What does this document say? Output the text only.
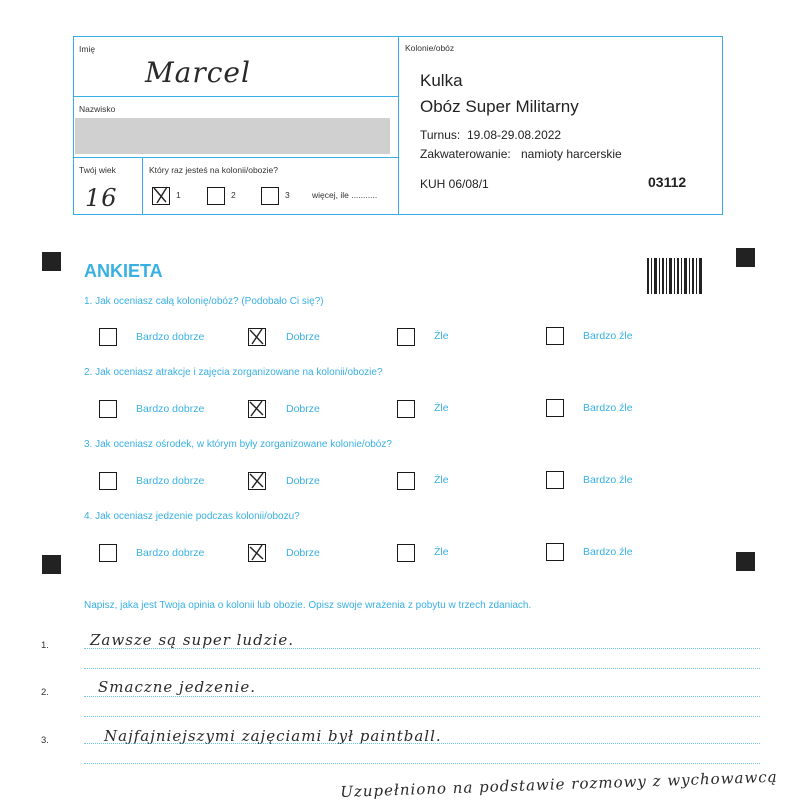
Imię
Marcel
Nazwisko
Twój wiek
16
Który raz jesteś na kolonii/obozie?
1	2	3	więcej, ile ...........
Kolonie/obóz
Kulka
Obóz Super Militarny
Turnus: 19.08-29.08.2022
Zakwaterowanie: namioty harcerskie
KUH 06/08/1	03112
ANKIETA
1. Jak oceniasz całą kolonię/obóz? (Podobało Ci się?)
Bardzo dobrze	Dobrze	Źle	Bardzo źle
2. Jak oceniasz atrakcje i zajęcia zorganizowane na kolonii/obozie?
Bardzo dobrze	Dobrze	Źle	Bardzo źle
3. Jak oceniasz ośrodek, w którym były zorganizowane kolonie/obóz?
Bardzo dobrze	Dobrze	Źle	Bardzo źle
4. Jak oceniasz jedzenie podczas kolonii/obozu?
Bardzo dobrze	Dobrze	Źle	Bardzo źle
Napisz, jaka jest Twoja opinia o kolonii lub obozie. Opisz swoje wrażenia z pobytu w trzech zdaniach.
1.	Zawsze są super ludzie.
2.	Smaczne jedzenie.
3.	Najfajniejszymi zajęciami był paintball.
Uzupełniono na podstawie rozmowy z wychowawcą
